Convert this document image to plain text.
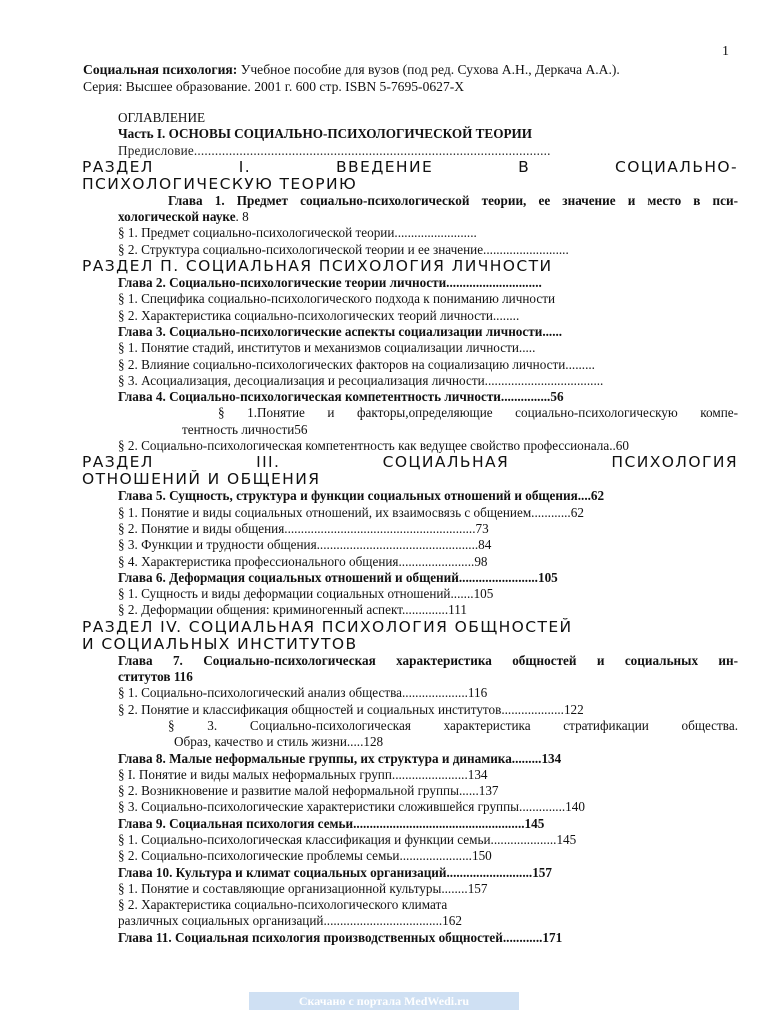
1
Социальная психология: Учебное пособие для вузов (под ред. Сухова А.Н., Деркача А.А.).
Серия: Высшее образование. 2001 г. 600 стр. ISBN 5-7695-0627-X
ОГЛАВЛЕНИЕ
Часть I. ОСНОВЫ СОЦИАЛЬНО-ПСИХОЛОГИЧЕСКОЙ ТЕОРИИ
Предисловие......................................................................................................
РАЗДЕЛ I. ВВЕДЕНИЕ В СОЦИАЛЬНО-
ПСИХОЛОГИЧЕСКУЮ ТЕОРИЮ
Глава 1. Предмет социально-психологической теории, ее значение и место в пси-
хологической науке. 8
§ 1. Предмет социально-психологической теории.........................
§ 2. Структура социально-психологической теории и ее значение..........................
РАЗДЕЛ П. СОЦИАЛЬНАЯ ПСИХОЛОГИЯ ЛИЧНОСТИ
Глава 2. Социально-психологические теории личности.............................
§ 1. Специфика социально-психологического подхода к пониманию личности
§ 2. Характеристика социально-психологических теорий личности........
Глава 3. Социально-психологические аспекты социализации личности......
§ 1. Понятие стадий, институтов и механизмов социализации личности.....
§ 2. Влияние социально-психологических факторов на социализацию личности.........
§ 3. Асоциализация, десоциализация и ресоциализация личности....................................
Глава 4. Социально-психологическая компетентность личности...............56
§ 1.Понятие и факторы,определяющие социально-психологическую компе-
тентность личности56
§ 2. Социально-психологическая компетентность как ведущее свойство профессионала..60
РАЗДЕЛ III. СОЦИАЛЬНАЯ ПСИХОЛОГИЯ
ОТНОШЕНИЙ И ОБЩЕНИЯ
Глава 5. Сущность, структура и функции социальных отношений и общения....62
§ 1. Понятие и виды социальных отношений, их взаимосвязь с общением............62
§ 2. Понятие и виды общения..........................................................73
§ 3. Функции и трудности общения.................................................84
§ 4. Характеристика профессионального общения.......................98
Глава 6. Деформация социальных отношений и общений........................105
§ 1. Сущность и виды деформации социальных отношений.......105
§ 2. Деформации общения: криминогенный аспект..............111
РАЗДЕЛ IV. СОЦИАЛЬНАЯ ПСИХОЛОГИЯ ОБЩНОСТЕЙ
И СОЦИАЛЬНЫХ ИНСТИТУТОВ
Глава 7. Социально-психологическая характеристика общностей и социальных ин-
ститутов 116
§ 1. Социально-психологический анализ общества....................116
§ 2. Понятие и классификация общностей и социальных институтов...................122
§ 3. Социально-психологическая характеристика стратификации общества.
Образ, качество и стиль жизни.....128
Глава 8. Малые неформальные группы, их структура и динамика.........134
§ I. Понятие и виды малых неформальных групп.......................134
§ 2. Возникновение и развитие малой неформальной группы......137
§ 3. Социально-психологические характеристики сложившейся группы..............140
Глава 9. Социальная психология семьи....................................................145
§ 1. Социально-психологическая классификация и функции семьи....................145
§ 2. Социально-психологические проблемы семьи......................150
Глава 10. Культура и климат социальных организаций..........................157
§ 1. Понятие и составляющие организационной культуры........157
§ 2. Характеристика социально-психологического климата
различных социальных организаций....................................162
Глава 11. Социальная психология производственных общностей............171
Скачано с портала MedWedi.ru
